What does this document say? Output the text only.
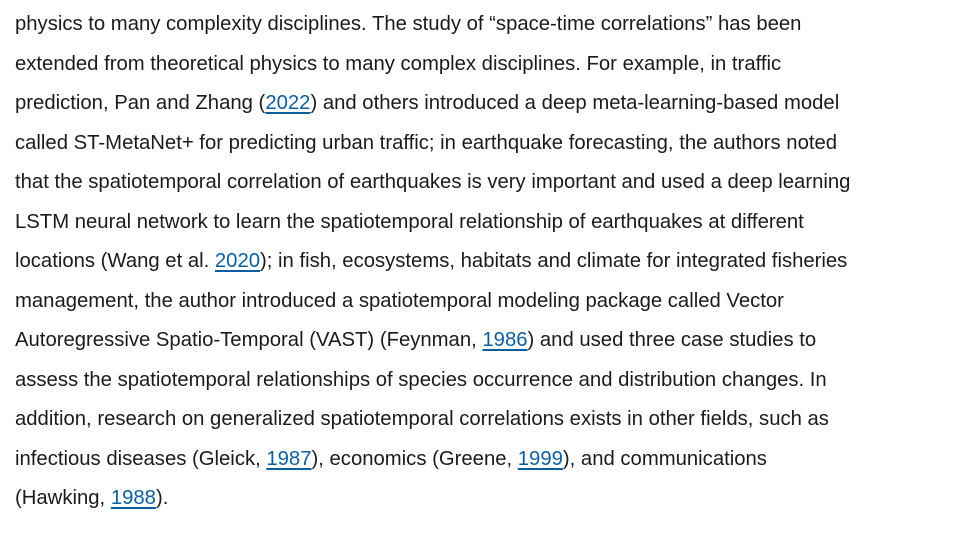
physics to many complexity disciplines. The study of “space-time correlations” has been
extended from theoretical physics to many complex disciplines. For example, in traffic
prediction, Pan and Zhang (2022) and others introduced a deep meta-learning-based model
called ST-MetaNet+ for predicting urban traffic; in earthquake forecasting, the authors noted
that the spatiotemporal correlation of earthquakes is very important and used a deep learning
LSTM neural network to learn the spatiotemporal relationship of earthquakes at different
locations (Wang et al. 2020); in fish, ecosystems, habitats and climate for integrated fisheries
management, the author introduced a spatiotemporal modeling package called Vector
Autoregressive Spatio-Temporal (VAST) (Feynman, 1986) and used three case studies to
assess the spatiotemporal relationships of species occurrence and distribution changes. In
addition, research on generalized spatiotemporal correlations exists in other fields, such as
infectious diseases (Gleick, 1987), economics (Greene, 1999), and communications
(Hawking, 1988).
